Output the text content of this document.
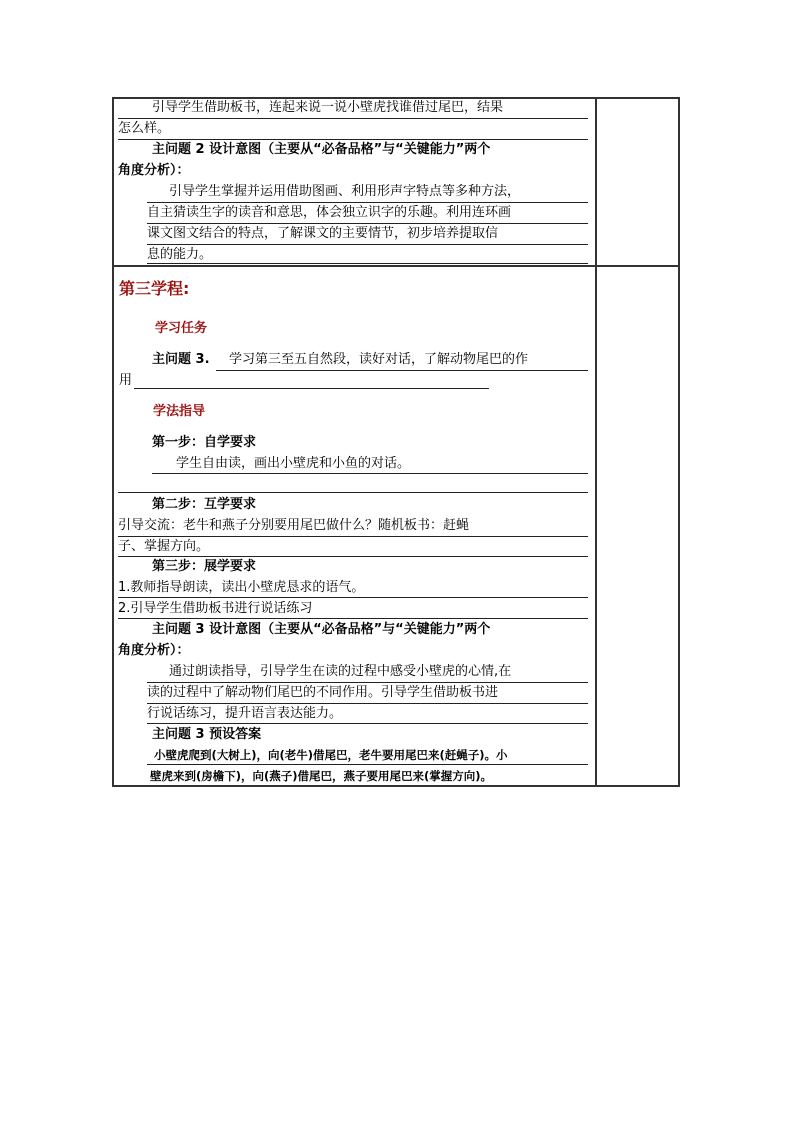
引导学生借助板书，连起来说一说小壁虎找谁借过尾巴，结果
怎么样。
主问题 2 设计意图（主要从“必备品格”与“关键能力”两个
角度分析）：
引导学生掌握并运用借助图画、利用形声字特点等多种方法，
自主猜读生字的读音和意思，体会独立识字的乐趣。利用连环画
课文图文结合的特点，了解课文的主要情节，初步培养提取信
息的能力。
第三学程:
学习任务
主问题 3. 学习第三至五自然段，读好对话，了解动物尾巴的作
用
学法指导
第一步：自学要求
学生自由读，画出小壁虎和小鱼的对话。
第二步：互学要求
引导交流：老牛和燕子分别要用尾巴做什么？随机板书：赶蝇
子、掌握方向。
第三步：展学要求
1.教师指导朗读，读出小壁虎恳求的语气。
2.引导学生借助板书进行说话练习
主问题 3 设计意图（主要从“必备品格”与“关键能力”两个
角度分析）：
通过朗读指导，引导学生在读的过程中感受小壁虎的心情,在
读的过程中了解动物们尾巴的不同作用。引导学生借助板书进
行说话练习，提升语言表达能力。
主问题 3 预设答案
小壁虎爬到(大树上)，向(老牛)借尾巴，老牛要用尾巴来(赶蝇子)。小
壁虎来到(房檐下)，向(燕子)借尾巴，燕子要用尾巴来(掌握方向)。
